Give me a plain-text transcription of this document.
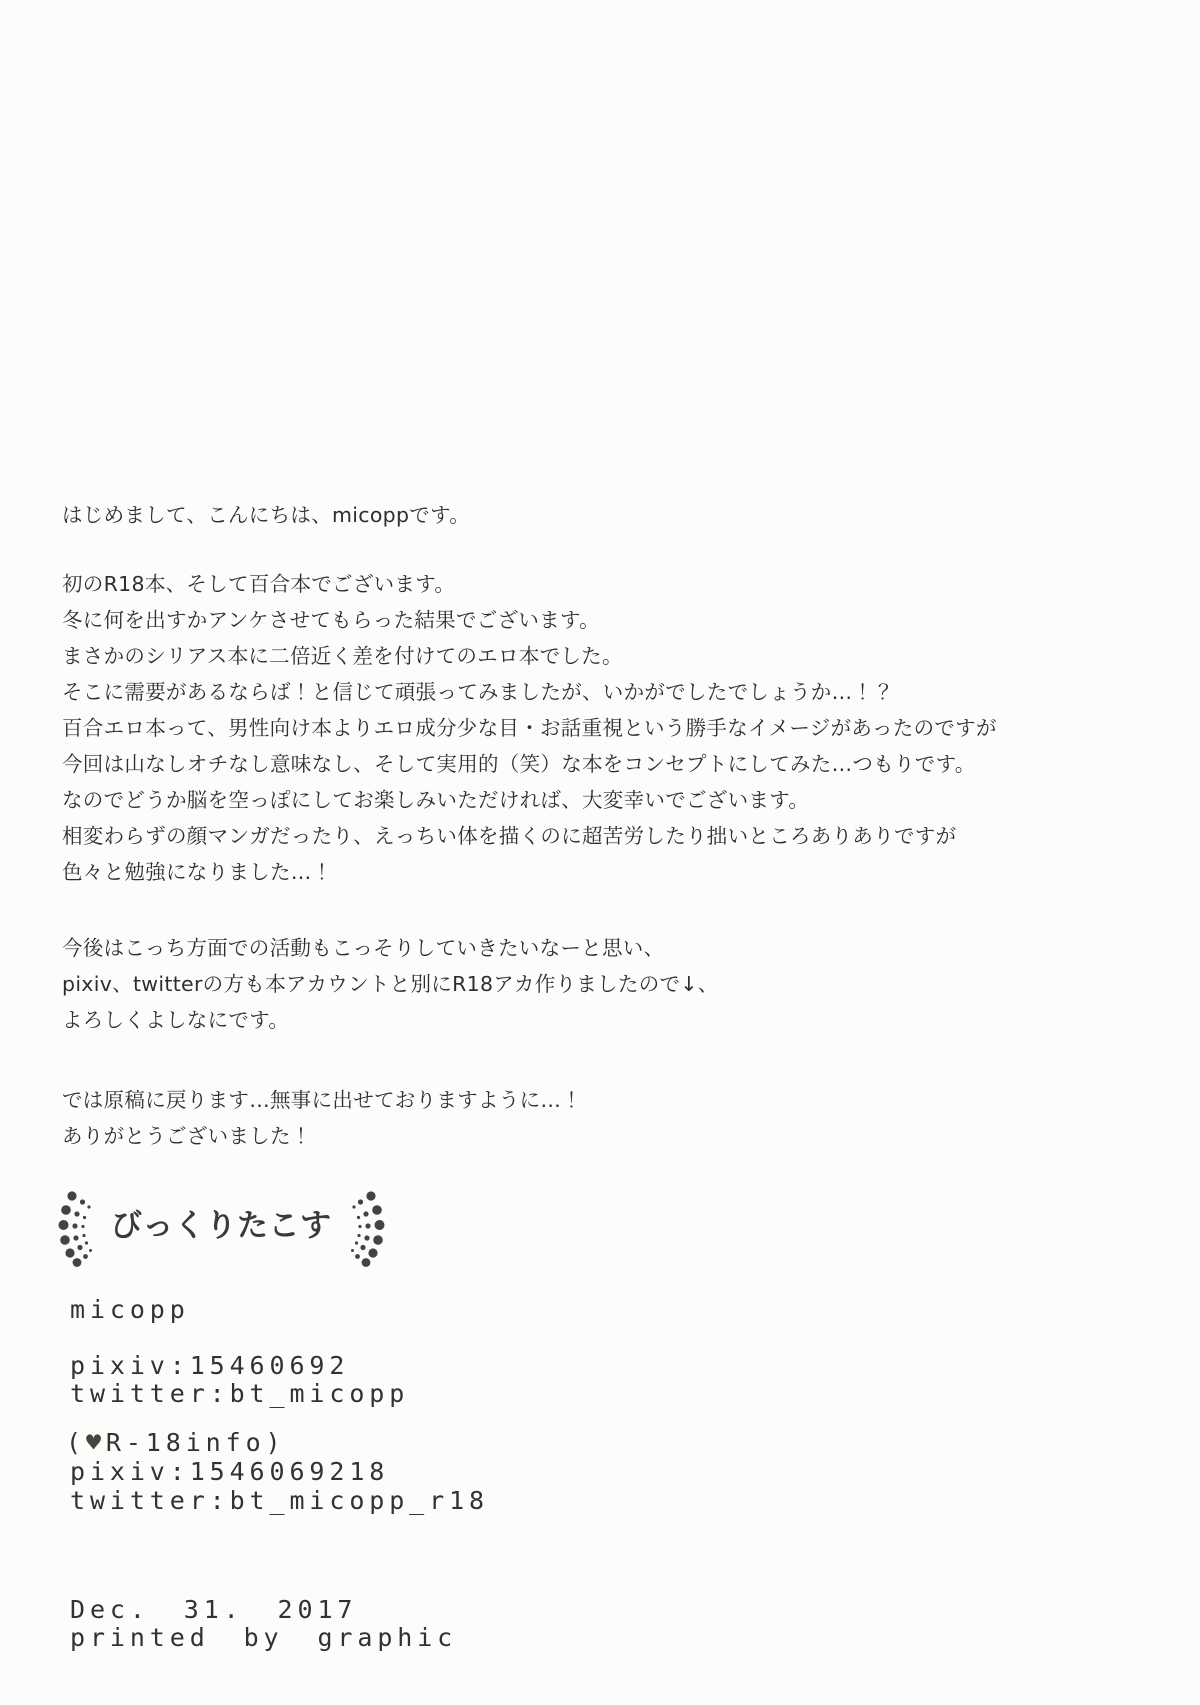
はじめまして、こんにちは、micoppです。

初のR18本、そして百合本でございます。
冬に何を出すかアンケさせてもらった結果でございます。
まさかのシリアス本に二倍近く差を付けてのエロ本でした。
そこに需要があるならば！と信じて頑張ってみましたが、いかがでしたでしょうか…！？
百合エロ本って、男性向け本よりエロ成分少な目・お話重視という勝手なイメージがあったのですが
今回は山なしオチなし意味なし、そして実用的（笑）な本をコンセプトにしてみた…つもりです。
なのでどうか脳を空っぽにしてお楽しみいただければ、大変幸いでございます。
相変わらずの顔マンガだったり、えっちい体を描くのに超苦労したり拙いところありありですが
色々と勉強になりました…！

今後はこっち方面での活動もこっそりしていきたいなーと思い、
pixiv、twitterの方も本アカウントと別にR18アカ作りましたので↓、
よろしくよしなにです。

では原稿に戻ります…無事に出せておりますように…！
ありがとうございました！

びっくりたこす
micopp
pixiv:15460692
twitter:bt_micopp
(♥R-18info)
pixiv:1546069218
twitter:bt_micopp_r18
Dec. 31. 2017
printed by graphic
